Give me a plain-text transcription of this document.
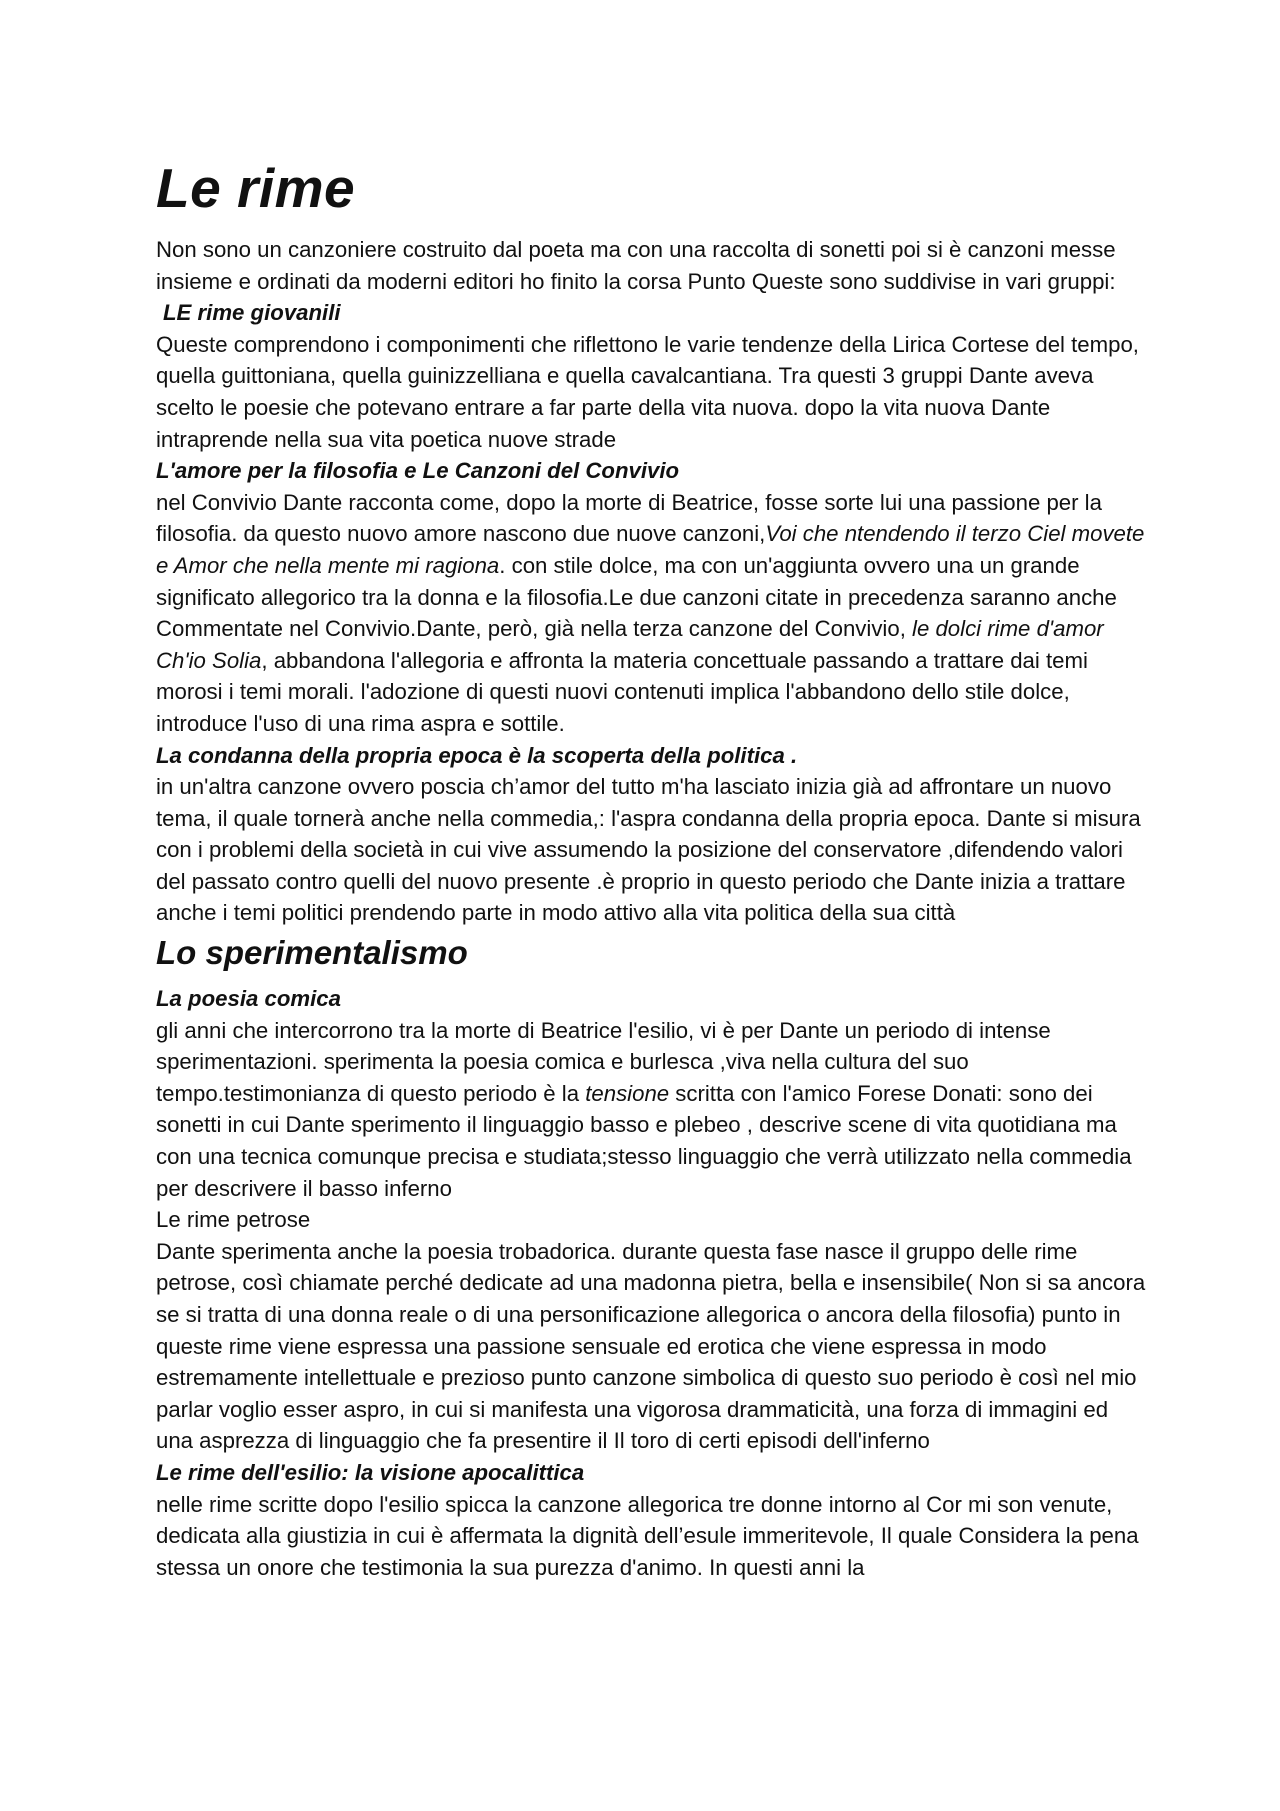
Le rime

Non sono un canzoniere costruito dal poeta ma con una raccolta di sonetti poi si è canzoni messe insieme e ordinati da moderni editori ho finito la corsa Punto Queste sono suddivise in vari gruppi:

LE rime giovanili

Queste comprendono i componimenti che riflettono le varie tendenze della Lirica Cortese del tempo, quella guittoniana, quella guinizzelliana e quella cavalcantiana. Tra questi 3 gruppi Dante aveva scelto le poesie che potevano entrare a far parte della vita nuova. dopo la vita nuova Dante intraprende nella sua vita poetica nuove strade

L'amore per la filosofia e Le Canzoni del Convivio

nel Convivio Dante racconta come, dopo la morte di Beatrice, fosse sorte lui una passione per la filosofia. da questo nuovo amore nascono due nuove canzoni,Voi che ntendendo il terzo Ciel movete e Amor che nella mente mi ragiona. con stile dolce, ma con un'aggiunta ovvero una un grande significato allegorico tra la donna e la filosofia.Le due canzoni citate in precedenza saranno anche Commentate nel Convivio.Dante, però, già nella terza canzone del Convivio, le dolci rime d'amor Ch'io Solia, abbandona l'allegoria e affronta la materia concettuale passando a trattare dai temi morosi i temi morali. l'adozione di questi nuovi contenuti implica l'abbandono dello stile dolce, introduce l'uso di una rima aspra e sottile.

La condanna della propria epoca è la scoperta della politica .

in un'altra canzone ovvero poscia ch’amor del tutto m'ha lasciato inizia già ad affrontare un nuovo tema, il quale tornerà anche nella commedia,: l'aspra condanna della propria epoca. Dante si misura con i problemi della società in cui vive assumendo la posizione del conservatore ,difendendo valori del passato contro quelli del nuovo presente .è proprio in questo periodo che Dante inizia a trattare anche i temi politici prendendo parte in modo attivo alla vita politica della sua città

Lo sperimentalismo

La poesia comica

gli anni che intercorrono tra la morte di Beatrice l'esilio, vi è per Dante un periodo di intense sperimentazioni. sperimenta la poesia comica e burlesca ,viva nella cultura del suo tempo.testimonianza di questo periodo è la tensione scritta con l'amico Forese Donati: sono dei sonetti in cui Dante sperimento il linguaggio basso e plebeo , descrive scene di vita quotidiana ma con una tecnica comunque precisa e studiata;stesso linguaggio che verrà utilizzato nella commedia per descrivere il basso inferno

Le rime petrose

Dante sperimenta anche la poesia trobadorica. durante questa fase nasce il gruppo delle rime petrose, così chiamate perché dedicate ad una madonna pietra, bella e insensibile( Non si sa ancora se si tratta di una donna reale o di una personificazione allegorica o ancora della filosofia) punto in queste rime viene espressa una passione sensuale ed erotica che viene espressa in modo estremamente intellettuale e prezioso punto canzone simbolica di questo suo periodo è così nel mio parlar voglio esser aspro, in cui si manifesta una vigorosa drammaticità, una forza di immagini ed una asprezza di linguaggio che fa presentire il Il toro di certi episodi dell'inferno

Le rime dell'esilio: la visione apocalittica

nelle rime scritte dopo l'esilio spicca la canzone allegorica tre donne intorno al Cor mi son venute, dedicata alla giustizia in cui è affermata la dignità dell’esule immeritevole, Il quale Considera la pena stessa un onore che testimonia la sua purezza d'animo. In questi anni la
